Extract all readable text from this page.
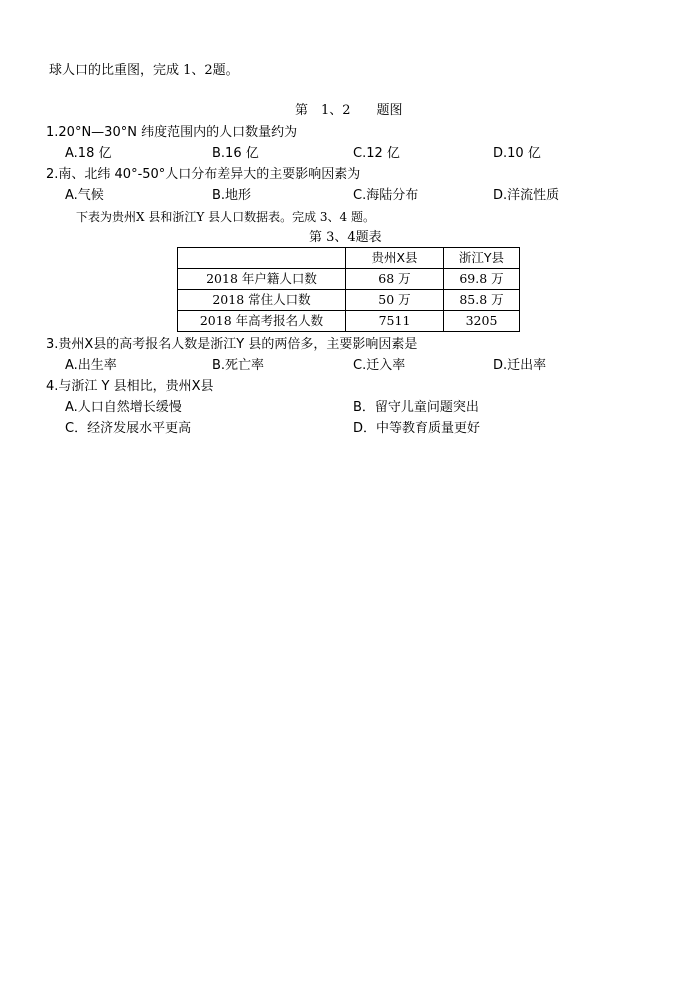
球人口的比重图，完成 1、2题。
第　1、2　　题图
1.20°N—30°N 纬度范围内的人口数量约为
A.18 亿	B.16 亿	C.12 亿	D.10 亿
2.南、北纬 40°-50°人口分布差异大的主要影响因素为
A.气候	B.地形	C.海陆分布	D.洋流性质
下表为贵州X 县和浙江Y 县人口数据表。完成 3、4 题。
第 3、4题表
	贵州X县	浙江Y县
2018 年户籍人口数	68 万	69.8 万
2018 常住人口数	50 万	85.8 万
2018 年高考报名人数	7511	3205
3.贵州X县的高考报名人数是浙江Y 县的两倍多，主要影响因素是
A.出生率	B.死亡率	C.迁入率	D.迁出率
4.与浙江 Y 县相比，贵州X县
A.人口自然增长缓慢	B．留守儿童问题突出
C．经济发展水平更高	D．中等教育质量更好
